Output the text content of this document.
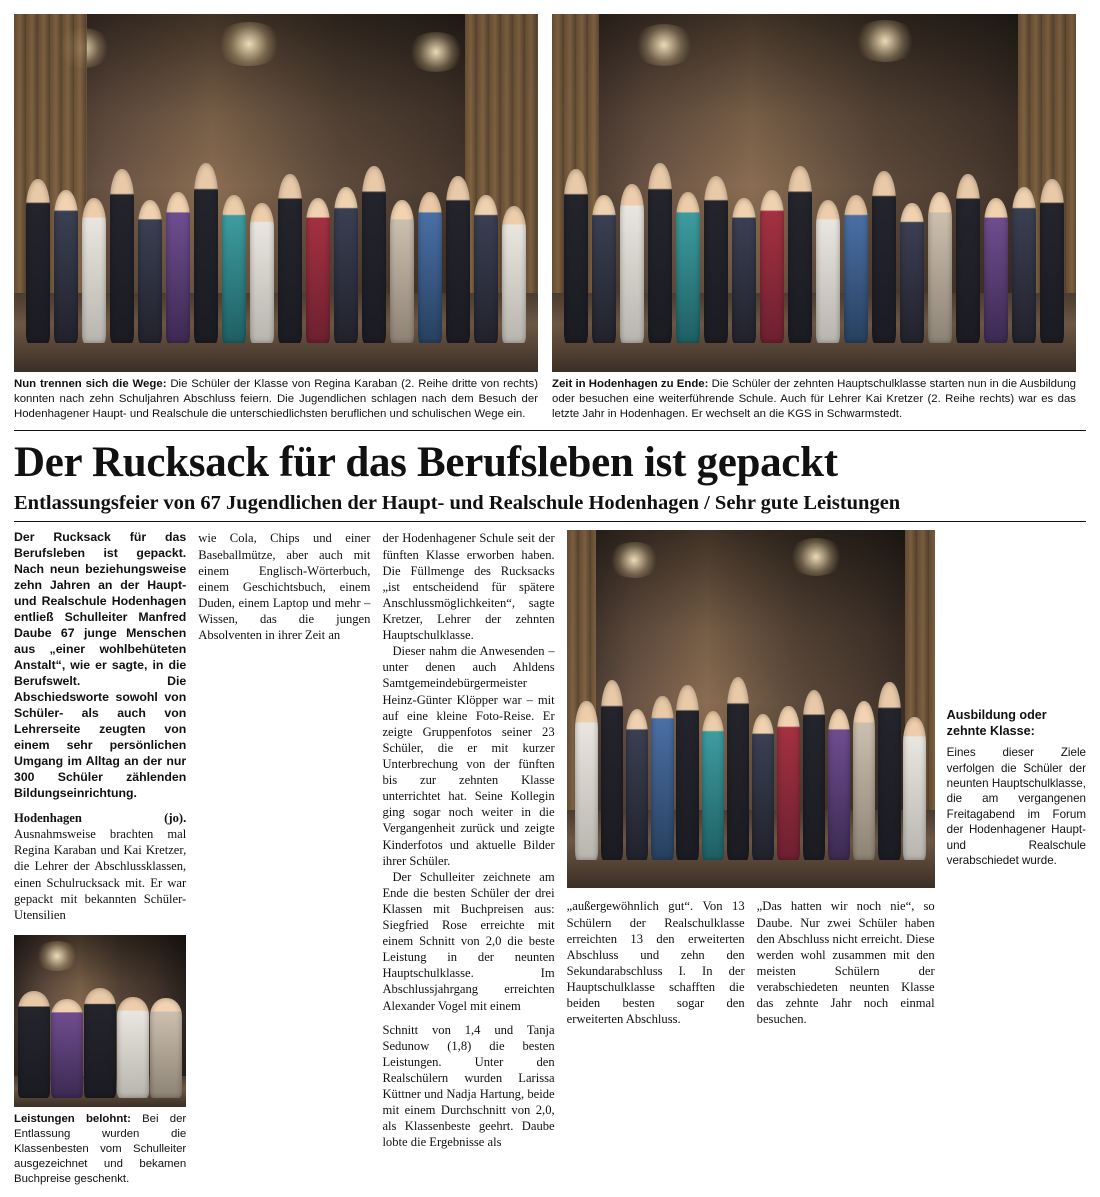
Nun trennen sich die Wege: Die Schüler der Klasse von Regina Karaban (2. Reihe dritte von rechts) konnten nach zehn Schuljahren Abschluss feiern. Die Jugendlichen schlagen nach dem Besuch der Hodenhagener Haupt- und Realschule die unterschiedlichsten beruflichen und schulischen Wege ein.
Zeit in Hodenhagen zu Ende: Die Schüler der zehnten Hauptschulklasse starten nun in die Ausbildung oder besuchen eine weiterführende Schule. Auch für Lehrer Kai Kretzer (2. Reihe rechts) war es das letzte Jahr in Hodenhagen. Er wechselt an die KGS in Schwarmstedt.
Der Rucksack für das Berufsleben ist gepackt
Entlassungsfeier von 67 Jugendlichen der Haupt- und Realschule Hodenhagen / Sehr gute Leistungen
Der Rucksack für das Berufsleben ist gepackt. Nach neun beziehungsweise zehn Jahren an der Haupt- und Realschule Hodenhagen entließ Schulleiter Manfred Daube 67 junge Menschen aus „einer wohlbehüteten Anstalt“, wie er sagte, in die Berufswelt. Die Abschiedsworte sowohl von Schüler- als auch von Lehrerseite zeugten von einem sehr persönlichen Umgang im Alltag an der nur 300 Schüler zählenden Bildungseinrichtung.

Hodenhagen (jo). Ausnahmsweise brachten mal Regina Karaban und Kai Kretzer, die Lehrer der Abschlussklassen, einen Schulrucksack mit. Er war gepackt mit bekannten Schüler-Utensilien

Leistungen belohnt: Bei der Entlassung wurden die Klassenbesten vom Schulleiter ausgezeichnet und bekamen Buchpreise geschenkt.

wie Cola, Chips und einer Baseballmütze, aber auch mit einem Englisch-Wörterbuch, einem Geschichtsbuch, einem Duden, einem Laptop und mehr – Wissen, das die jungen Absolventen in ihrer Zeit an

der Hodenhagener Schule seit der fünften Klasse erworben haben. Die Füllmenge des Rucksacks „ist entscheidend für spätere Anschlussmöglichkeiten“, sagte Kretzer, Lehrer der zehnten Hauptschulklasse.

Dieser nahm die Anwesenden – unter denen auch Ahldens Samtgemeindebürgermeister Heinz-Günter Klöpper war – mit auf eine kleine Foto-Reise. Er zeigte Gruppenfotos seiner 23 Schüler, die er mit kurzer Unterbrechung von der fünften bis zur zehnten Klasse unterrichtet hat. Seine Kollegin ging sogar noch weiter in die Vergangenheit zurück und zeigte Kinderfotos und aktuelle Bilder ihrer Schüler.

Der Schulleiter zeichnete am Ende die besten Schüler der drei Klassen mit Buchpreisen aus: Siegfried Rose erreichte mit einem Schnitt von 2,0 die beste Leistung in der neunten Hauptschulklasse. Im Abschlussjahrgang erreichten Alexander Vogel mit einem

Schnitt von 1,4 und Tanja Sedunow (1,8) die besten Leistungen. Unter den Realschülern wurden Larissa Küttner und Nadja Hartung, beide mit einem Durchschnitt von 2,0, als Klassenbeste geehrt. Daube lobte die Ergebnisse als

„außergewöhnlich gut“. Von 13 Schülern der Realschulklasse erreichten 13 den erweiterten Abschluss und zehn den Sekundarabschluss I. In der Hauptschulklasse schafften die beiden besten sogar den erweiterten Abschluss.

„Das hatten wir noch nie“, so Daube. Nur zwei Schüler haben den Abschluss nicht erreicht. Diese werden wohl zusammen mit den meisten Schülern der verabschiedeten neunten Klasse das zehnte Jahr noch einmal besuchen.

Ausbildung oder zehnte Klasse:
Eines dieser Ziele verfolgen die Schüler der neunten Hauptschulklasse, die am vergangenen Freitagabend im Forum der Hodenhagener Haupt- und Realschule verabschiedet wurde.
